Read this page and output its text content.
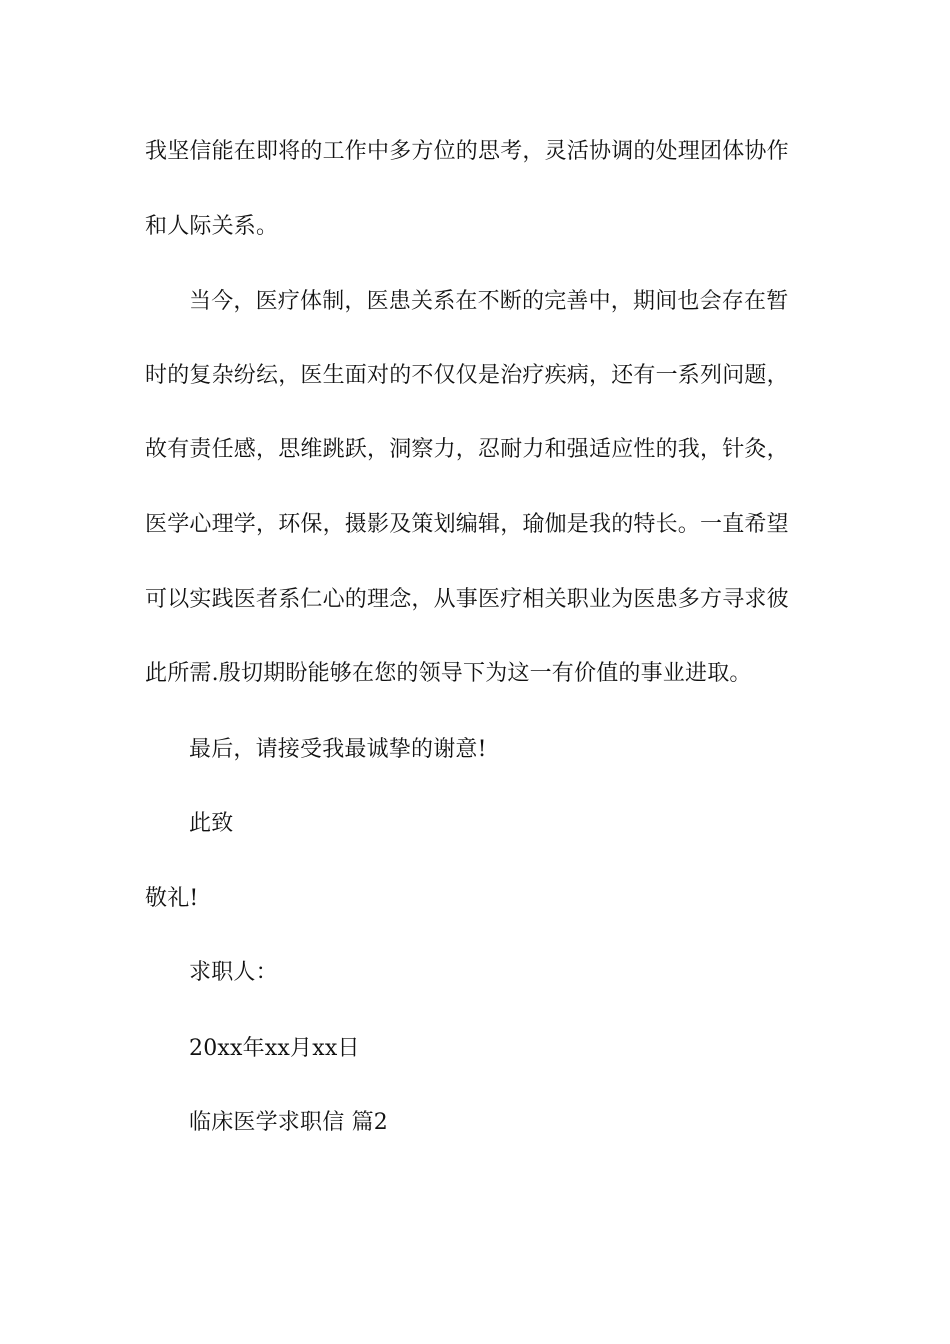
我坚信能在即将的工作中多方位的思考，灵活协调的处理团体协作
和人际关系。
当今，医疗体制，医患关系在不断的完善中，期间也会存在暂
时的复杂纷纭，医生面对的不仅仅是治疗疾病，还有一系列问题，
故有责任感，思维跳跃，洞察力，忍耐力和强适应性的我，针灸，
医学心理学，环保，摄影及策划编辑，瑜伽是我的特长。一直希望
可以实践医者系仁心的理念，从事医疗相关职业为医患多方寻求彼
此所需.殷切期盼能够在您的领导下为这一有价值的事业进取。
最后，请接受我最诚挚的谢意!
此致
敬礼!
求职人：
20xx年xx月xx日
临床医学求职信 篇2
